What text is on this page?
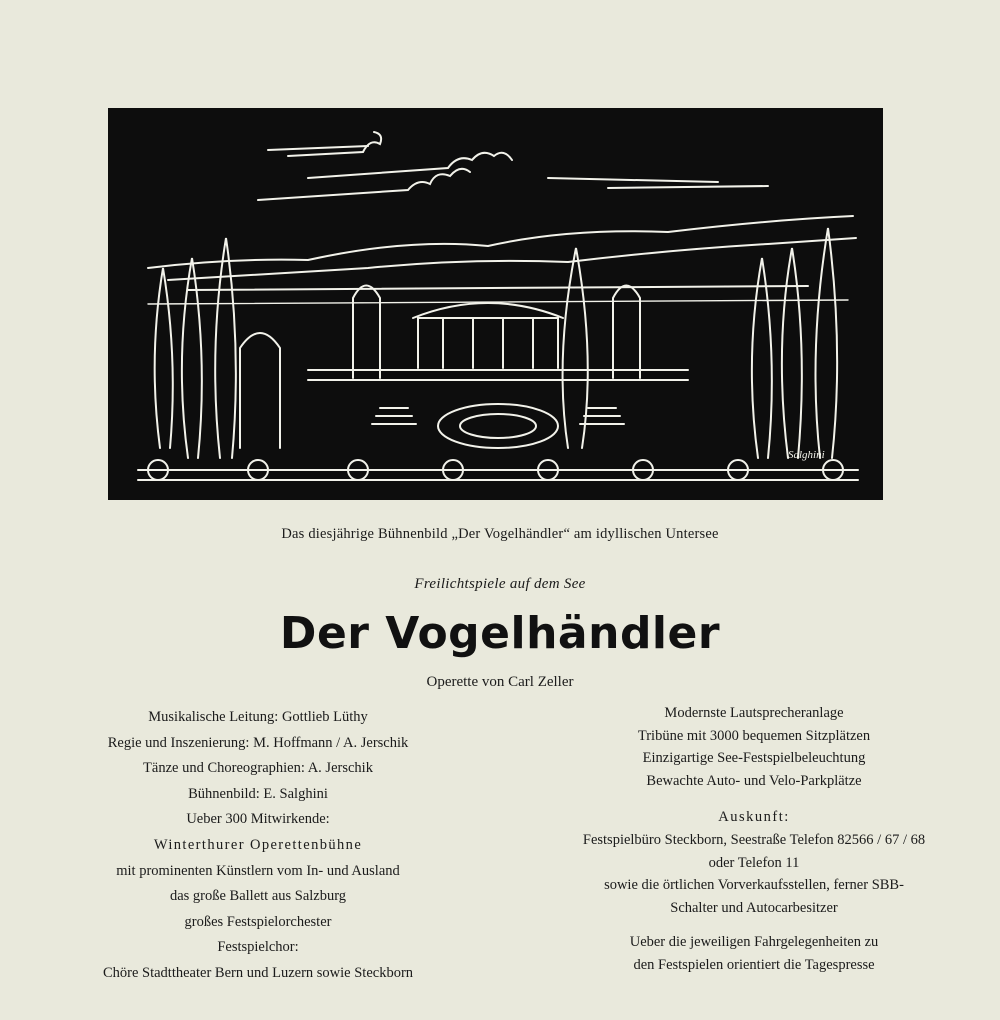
Salghini
Das diesjährige Bühnenbild „Der Vogelhändler“ am idyllischen Untersee
Freilichtspiele auf dem See
Der Vogelhändler
Operette von Carl Zeller
Musikalische Leitung: Gottlieb Lüthy
Regie und Inszenierung: M. Hoffmann / A. Jerschik
Tänze und Choreographien: A. Jerschik
Bühnenbild: E. Salghini
Ueber 300 Mitwirkende:
Winterthurer Operettenbühne
mit prominenten Künstlern vom In- und Ausland
das große Ballett aus Salzburg
großes Festspielorchester
Festspielchor:
Chöre Stadttheater Bern und Luzern sowie Steckborn
Modernste Lautsprecheranlage
Tribüne mit 3000 bequemen Sitzplätzen
Einzigartige See-Festspielbeleuchtung
Bewachte Auto- und Velo-Parkplätze
Auskunft:
Festspielbüro Steckborn, Seestraße Telefon 82566 / 67 / 68
oder Telefon 11
sowie die örtlichen Vorverkaufsstellen, ferner SBB-
Schalter und Autocarbesitzer
Ueber die jeweiligen Fahrgelegenheiten zu
den Festspielen orientiert die Tagespresse
